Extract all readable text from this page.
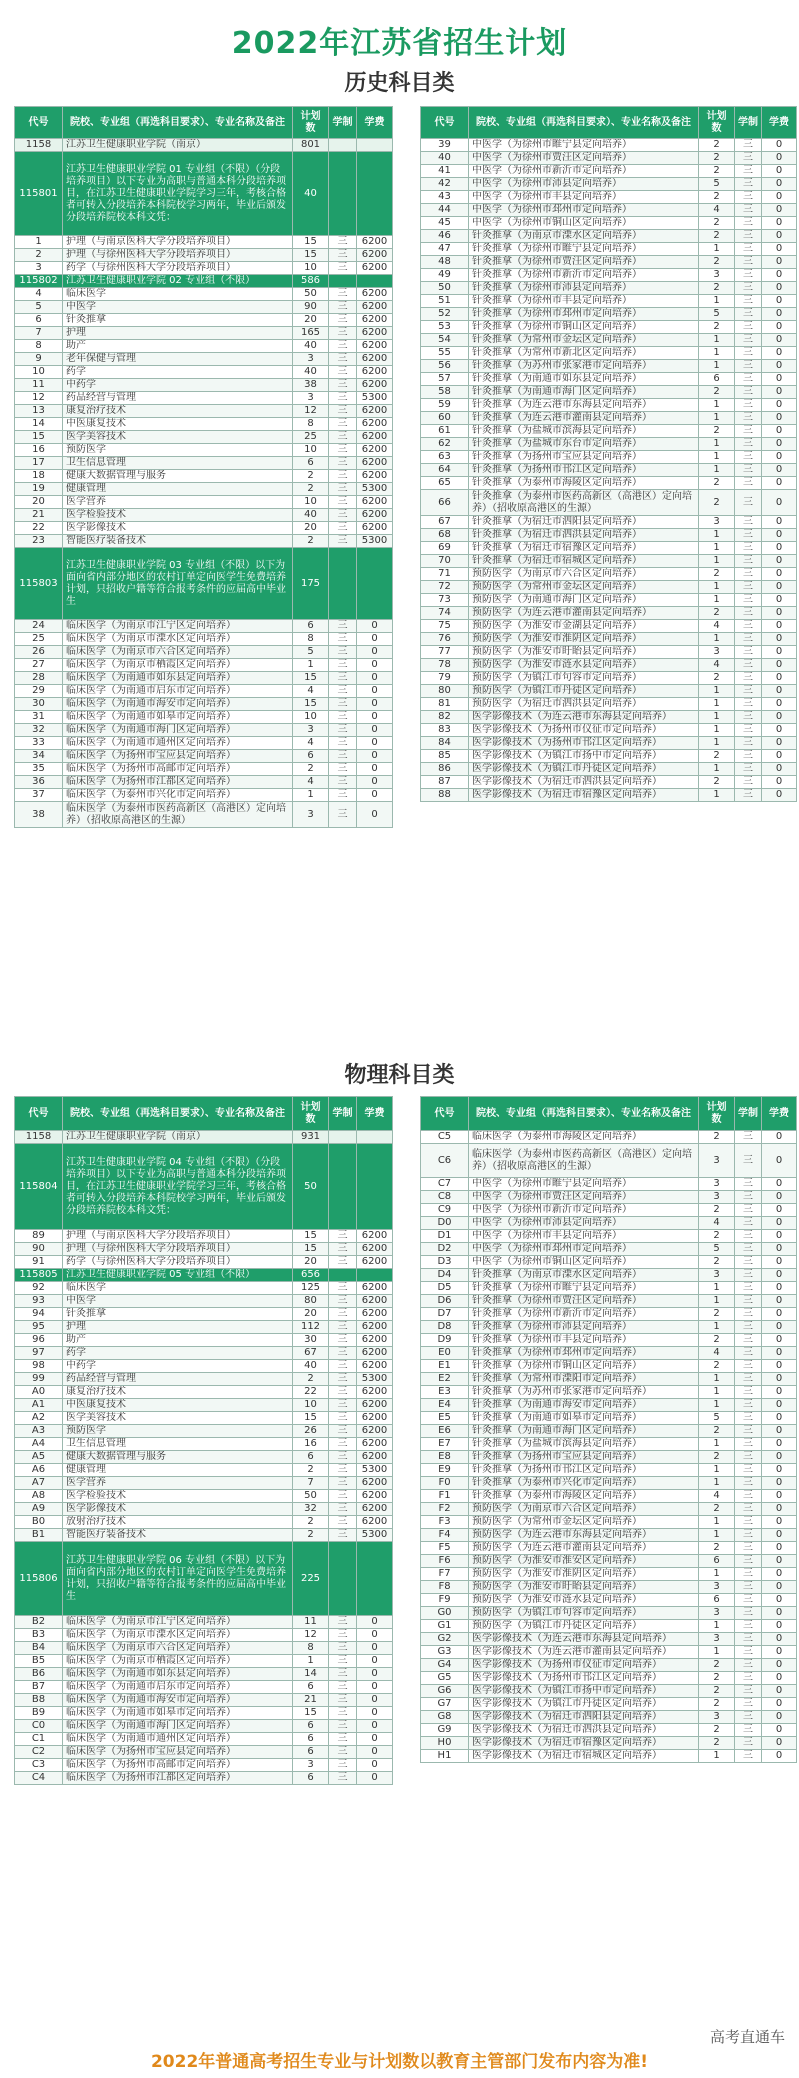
2022年江苏省招生计划
历史科目类
物理科目类
代号	院校、专业组（再选科目要求）、专业名称及备注	计划数	学制	学费
1158	江苏卫生健康职业学院（南京）	801		
115801	江苏卫生健康职业学院 01 专业组（不限）（分段培养项目）以下专业为高职与普通本科分段培养项目，在江苏卫生健康职业学院学习三年，考核合格者可转入分段培养本科院校学习两年，毕业后颁发分段培养院校本科文凭：	40		
1	护理（与南京医科大学分段培养项目）	15	三	6200
2	护理（与徐州医科大学分段培养项目）	15	三	6200
3	药学（与徐州医科大学分段培养项目）	10	三	6200
115802	江苏卫生健康职业学院 02 专业组（不限）	586		
4	临床医学	50	三	6200
5	中医学	90	三	6200
6	针灸推拿	20	三	6200
7	护理	165	三	6200
8	助产	40	三	6200
9	老年保健与管理	3	三	6200
10	药学	40	三	6200
11	中药学	38	三	6200
12	药品经营与管理	3	三	5300
13	康复治疗技术	12	三	6200
14	中医康复技术	8	三	6200
15	医学美容技术	25	三	6200
16	预防医学	10	三	6200
17	卫生信息管理	6	三	6200
18	健康大数据管理与服务	2	三	6200
19	健康管理	2	三	5300
20	医学营养	10	三	6200
21	医学检验技术	40	三	6200
22	医学影像技术	20	三	6200
23	智能医疗装备技术	2	三	5300
115803	江苏卫生健康职业学院 03 专业组（不限）以下为面向省内部分地区的农村订单定向医学生免费培养计划，只招收户籍等符合报考条件的应届高中毕业生	175		
24	临床医学（为南京市江宁区定向培养）	6	三	0
25	临床医学（为南京市溧水区定向培养）	8	三	0
26	临床医学（为南京市六合区定向培养）	5	三	0
27	临床医学（为南京市栖霞区定向培养）	1	三	0
28	临床医学（为南通市如东县定向培养）	15	三	0
29	临床医学（为南通市启东市定向培养）	4	三	0
30	临床医学（为南通市海安市定向培养）	15	三	0
31	临床医学（为南通市如皋市定向培养）	10	三	0
32	临床医学（为南通市海门区定向培养）	3	三	0
33	临床医学（为南通市通州区定向培养）	4	三	0
34	临床医学（为扬州市宝应县定向培养）	6	三	0
35	临床医学（为扬州市高邮市定向培养）	2	三	0
36	临床医学（为扬州市江都区定向培养）	4	三	0
37	临床医学（为泰州市兴化市定向培养）	1	三	0
38	临床医学（为泰州市医药高新区（高港区）定向培养）（招收原高港区的生源）	3	三	0
代号	院校、专业组（再选科目要求）、专业名称及备注	计划数	学制	学费
39	中医学（为徐州市睢宁县定向培养）	2	三	0
40	中医学（为徐州市贾汪区定向培养）	2	三	0
41	中医学（为徐州市新沂市定向培养）	2	三	0
42	中医学（为徐州市沛县定向培养）	5	三	0
43	中医学（为徐州市丰县定向培养）	2	三	0
44	中医学（为徐州市邳州市定向培养）	4	三	0
45	中医学（为徐州市铜山区定向培养）	2	三	0
46	针灸推拿（为南京市溧水区定向培养）	2	三	0
47	针灸推拿（为徐州市睢宁县定向培养）	1	三	0
48	针灸推拿（为徐州市贾汪区定向培养）	2	三	0
49	针灸推拿（为徐州市新沂市定向培养）	3	三	0
50	针灸推拿（为徐州市沛县定向培养）	2	三	0
51	针灸推拿（为徐州市丰县定向培养）	1	三	0
52	针灸推拿（为徐州市邳州市定向培养）	5	三	0
53	针灸推拿（为徐州市铜山区定向培养）	2	三	0
54	针灸推拿（为常州市金坛区定向培养）	1	三	0
55	针灸推拿（为常州市新北区定向培养）	1	三	0
56	针灸推拿（为苏州市张家港市定向培养）	1	三	0
57	针灸推拿（为南通市如东县定向培养）	6	三	0
58	针灸推拿（为南通市海门区定向培养）	2	三	0
59	针灸推拿（为连云港市东海县定向培养）	1	三	0
60	针灸推拿（为连云港市灌南县定向培养）	1	三	0
61	针灸推拿（为盐城市滨海县定向培养）	2	三	0
62	针灸推拿（为盐城市东台市定向培养）	1	三	0
63	针灸推拿（为扬州市宝应县定向培养）	1	三	0
64	针灸推拿（为扬州市邗江区定向培养）	1	三	0
65	针灸推拿（为泰州市海陵区定向培养）	2	三	0
66	针灸推拿（为泰州市医药高新区（高港区）定向培养）（招收原高港区的生源）	2	三	0
67	针灸推拿（为宿迁市泗阳县定向培养）	3	三	0
68	针灸推拿（为宿迁市泗洪县定向培养）	1	三	0
69	针灸推拿（为宿迁市宿豫区定向培养）	1	三	0
70	针灸推拿（为宿迁市宿城区定向培养）	1	三	0
71	预防医学（为南京市六合区定向培养）	2	三	0
72	预防医学（为常州市金坛区定向培养）	1	三	0
73	预防医学（为南通市海门区定向培养）	1	三	0
74	预防医学（为连云港市灌南县定向培养）	2	三	0
75	预防医学（为淮安市金湖县定向培养）	4	三	0
76	预防医学（为淮安市淮阴区定向培养）	1	三	0
77	预防医学（为淮安市盱眙县定向培养）	3	三	0
78	预防医学（为淮安市涟水县定向培养）	4	三	0
79	预防医学（为镇江市句容市定向培养）	2	三	0
80	预防医学（为镇江市丹徒区定向培养）	1	三	0
81	预防医学（为宿迁市泗洪县定向培养）	1	三	0
82	医学影像技术（为连云港市东海县定向培养）	1	三	0
83	医学影像技术（为扬州市仪征市定向培养）	1	三	0
84	医学影像技术（为扬州市邗江区定向培养）	1	三	0
85	医学影像技术（为镇江市扬中市定向培养）	2	三	0
86	医学影像技术（为镇江市丹徒区定向培养）	1	三	0
87	医学影像技术（为宿迁市泗洪县定向培养）	2	三	0
88	医学影像技术（为宿迁市宿豫区定向培养）	1	三	0
代号	院校、专业组（再选科目要求）、专业名称及备注	计划数	学制	学费
1158	江苏卫生健康职业学院（南京）	931		
115804	江苏卫生健康职业学院 04 专业组（不限）（分段培养项目）以下专业为高职与普通本科分段培养项目，在江苏卫生健康职业学院学习三年，考核合格者可转入分段培养本科院校学习两年，毕业后颁发分段培养院校本科文凭：	50		
89	护理（与南京医科大学分段培养项目）	15	三	6200
90	护理（与徐州医科大学分段培养项目）	15	三	6200
91	药学（与徐州医科大学分段培养项目）	20	三	6200
115805	江苏卫生健康职业学院 05 专业组（不限）	656		
92	临床医学	125	三	6200
93	中医学	80	三	6200
94	针灸推拿	20	三	6200
95	护理	112	三	6200
96	助产	30	三	6200
97	药学	67	三	6200
98	中药学	40	三	6200
99	药品经营与管理	2	三	5300
A0	康复治疗技术	22	三	6200
A1	中医康复技术	10	三	6200
A2	医学美容技术	15	三	6200
A3	预防医学	26	三	6200
A4	卫生信息管理	16	三	6200
A5	健康大数据管理与服务	6	三	6200
A6	健康管理	2	三	5300
A7	医学营养	7	三	6200
A8	医学检验技术	50	三	6200
A9	医学影像技术	32	三	6200
B0	放射治疗技术	2	三	6200
B1	智能医疗装备技术	2	三	5300
115806	江苏卫生健康职业学院 06 专业组（不限）以下为面向省内部分地区的农村订单定向医学生免费培养计划，只招收户籍等符合报考条件的应届高中毕业生	225		
B2	临床医学（为南京市江宁区定向培养）	11	三	0
B3	临床医学（为南京市溧水区定向培养）	12	三	0
B4	临床医学（为南京市六合区定向培养）	8	三	0
B5	临床医学（为南京市栖霞区定向培养）	1	三	0
B6	临床医学（为南通市如东县定向培养）	14	三	0
B7	临床医学（为南通市启东市定向培养）	6	三	0
B8	临床医学（为南通市海安市定向培养）	21	三	0
B9	临床医学（为南通市如皋市定向培养）	15	三	0
C0	临床医学（为南通市海门区定向培养）	6	三	0
C1	临床医学（为南通市通州区定向培养）	6	三	0
C2	临床医学（为扬州市宝应县定向培养）	6	三	0
C3	临床医学（为扬州市高邮市定向培养）	3	三	0
C4	临床医学（为扬州市江都区定向培养）	6	三	0
代号	院校、专业组（再选科目要求）、专业名称及备注	计划数	学制	学费
C5	临床医学（为泰州市海陵区定向培养）	2	三	0
C6	临床医学（为泰州市医药高新区（高港区）定向培养）（招收原高港区的生源）	3	三	0
C7	中医学（为徐州市睢宁县定向培养）	3	三	0
C8	中医学（为徐州市贾汪区定向培养）	3	三	0
C9	中医学（为徐州市新沂市定向培养）	2	三	0
D0	中医学（为徐州市沛县定向培养）	4	三	0
D1	中医学（为徐州市丰县定向培养）	2	三	0
D2	中医学（为徐州市邳州市定向培养）	5	三	0
D3	中医学（为徐州市铜山区定向培养）	2	三	0
D4	针灸推拿（为南京市溧水区定向培养）	3	三	0
D5	针灸推拿（为徐州市睢宁县定向培养）	1	三	0
D6	针灸推拿（为徐州市贾汪区定向培养）	1	三	0
D7	针灸推拿（为徐州市新沂市定向培养）	2	三	0
D8	针灸推拿（为徐州市沛县定向培养）	1	三	0
D9	针灸推拿（为徐州市丰县定向培养）	2	三	0
E0	针灸推拿（为徐州市邳州市定向培养）	4	三	0
E1	针灸推拿（为徐州市铜山区定向培养）	2	三	0
E2	针灸推拿（为常州市溧阳市定向培养）	1	三	0
E3	针灸推拿（为苏州市张家港市定向培养）	1	三	0
E4	针灸推拿（为南通市海安市定向培养）	1	三	0
E5	针灸推拿（为南通市如皋市定向培养）	5	三	0
E6	针灸推拿（为南通市海门区定向培养）	2	三	0
E7	针灸推拿（为盐城市滨海县定向培养）	1	三	0
E8	针灸推拿（为扬州市宝应县定向培养）	2	三	0
E9	针灸推拿（为扬州市邗江区定向培养）	1	三	0
F0	针灸推拿（为泰州市兴化市定向培养）	1	三	0
F1	针灸推拿（为泰州市海陵区定向培养）	4	三	0
F2	预防医学（为南京市六合区定向培养）	2	三	0
F3	预防医学（为常州市金坛区定向培养）	1	三	0
F4	预防医学（为连云港市东海县定向培养）	1	三	0
F5	预防医学（为连云港市灌南县定向培养）	2	三	0
F6	预防医学（为淮安市淮安区定向培养）	6	三	0
F7	预防医学（为淮安市淮阴区定向培养）	1	三	0
F8	预防医学（为淮安市盱眙县定向培养）	3	三	0
F9	预防医学（为淮安市涟水县定向培养）	6	三	0
G0	预防医学（为镇江市句容市定向培养）	3	三	0
G1	预防医学（为镇江市丹徒区定向培养）	1	三	0
G2	医学影像技术（为连云港市东海县定向培养）	3	三	0
G3	医学影像技术（为连云港市灌南县定向培养）	1	三	0
G4	医学影像技术（为扬州市仪征市定向培养）	2	三	0
G5	医学影像技术（为扬州市邗江区定向培养）	2	三	0
G6	医学影像技术（为镇江市扬中市定向培养）	2	三	0
G7	医学影像技术（为镇江市丹徒区定向培养）	2	三	0
G8	医学影像技术（为宿迁市泗阳县定向培养）	3	三	0
G9	医学影像技术（为宿迁市泗洪县定向培养）	2	三	0
H0	医学影像技术（为宿迁市宿豫区定向培养）	2	三	0
H1	医学影像技术（为宿迁市宿城区定向培养）	1	三	0
高考直通车
2022年普通高考招生专业与计划数以教育主管部门发布内容为准!
